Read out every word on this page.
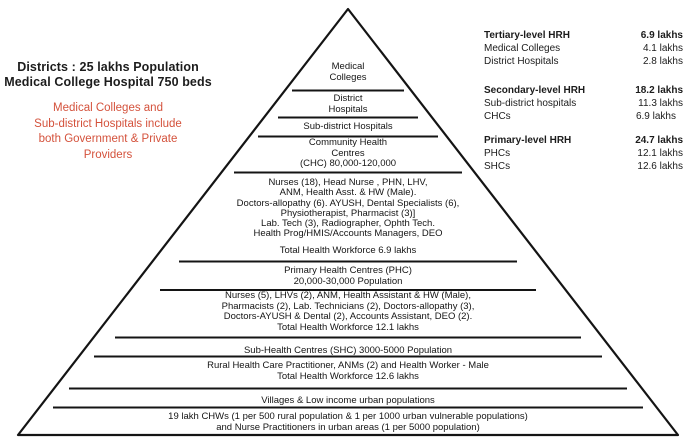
Districts : 25 lakhs Population
Medical College Hospital 750 beds
Medical Colleges and
Sub-district Hospitals include
both Government & Private
Providers
Tertiary-level HRH	6.9 lakhs
Medical Colleges	4.1 lakhs
District Hospitals	2.8 lakhs
Secondary-level HRH	18.2 lakhs
Sub-district hospitals	11.3 lakhs
CHCs	6.9 lakhs
Primary-level HRH	24.7 lakhs
PHCs	12.1 lakhs
SHCs	12.6 lakhs
Medical
Colleges
District
Hospitals
Sub-district Hospitals
Community Health
Centres
(CHC) 80,000-120,000
Nurses (18), Head Nurse , PHN, LHV,
ANM, Health Asst. & HW (Male).
Doctors-allopathy (6). AYUSH, Dental Specialists (6),
Physiotherapist, Pharmacist (3)]
Lab. Tech (3), Radiographer, Ophth Tech.
Health Prog/HMIS/Accounts Managers, DEO
Total Health Workforce 6.9 lakhs
Primary Health Centres (PHC)
20,000-30,000 Population
Nurses (5), LHVs (2), ANM, Health Assistant & HW (Male),
Pharmacists (2), Lab. Technicians (2), Doctors-allopathy (3),
Doctors-AYUSH & Dental (2), Accounts Assistant, DEO (2).
Total Health Workforce 12.1 lakhs
Sub-Health Centres (SHC) 3000-5000 Population
Rural Health Care Practitioner, ANMs (2) and Health Worker - Male
Total Health Workforce 12.6 lakhs
Villages & Low income urban populations
19 lakh CHWs (1 per 500 rural population & 1 per 1000 urban vulnerable populations)
and Nurse Practitioners in urban areas (1 per 5000 population)
